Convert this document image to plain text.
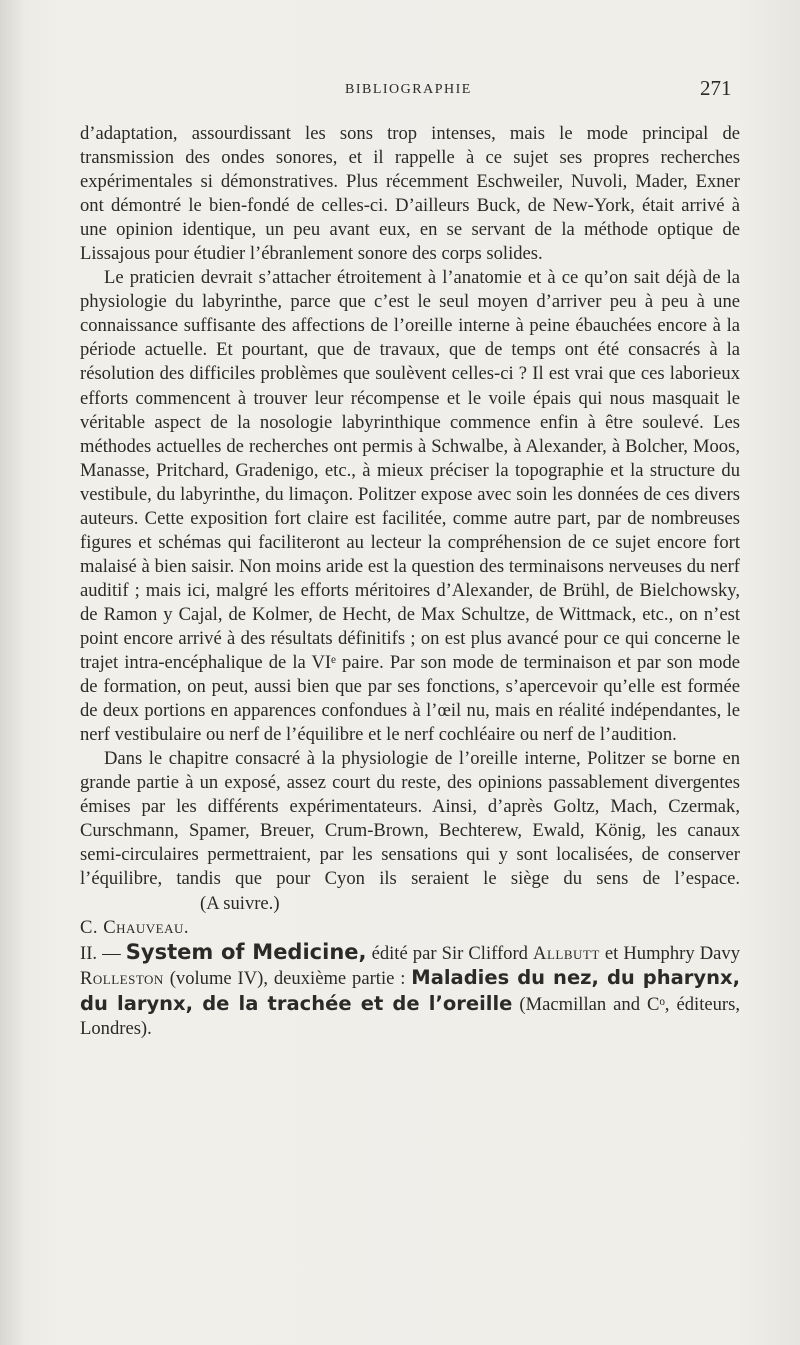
BIBLIOGRAPHIE	271

d’adaptation, assourdissant les sons trop intenses, mais le mode principal de transmission des ondes sonores, et il rappelle à ce sujet ses propres recherches expérimentales si démonstratives. Plus récemment Eschweiler, Nuvoli, Mader, Exner ont démontré le bien-fondé de celles-ci. D’ailleurs Buck, de New-York, était arrivé à une opinion identique, un peu avant eux, en se servant de la méthode optique de Lissajous pour étudier l’ébranlement sonore des corps solides.

Le praticien devrait s’attacher étroitement à l’anatomie et à ce qu’on sait déjà de la physiologie du labyrinthe, parce que c’est le seul moyen d’arriver peu à peu à une connaissance suffisante des affections de l’oreille interne à peine ébauchées encore à la période actuelle. Et pourtant, que de travaux, que de temps ont été consacrés à la résolution des difficiles problèmes que soulèvent celles-ci ? Il est vrai que ces laborieux efforts commencent à trouver leur récompense et le voile épais qui nous masquait le véritable aspect de la nosologie labyrinthique commence enfin à être soulevé. Les méthodes actuelles de recherches ont permis à Schwalbe, à Alexander, à Bolcher, Moos, Manasse, Pritchard, Gradenigo, etc., à mieux préciser la topographie et la structure du vestibule, du labyrinthe, du limaçon. Politzer expose avec soin les données de ces divers auteurs. Cette exposition fort claire est facilitée, comme autre part, par de nombreuses figures et schémas qui faciliteront au lecteur la compréhension de ce sujet encore fort malaisé à bien saisir. Non moins aride est la question des terminaisons nerveuses du nerf auditif ; mais ici, malgré les efforts méritoires d’Alexander, de Brühl, de Bielchowsky, de Ramon y Cajal, de Kolmer, de Hecht, de Max Schultze, de Wittmack, etc., on n’est point encore arrivé à des résultats définitifs ; on est plus avancé pour ce qui concerne le trajet intra-encéphalique de la VIᵉ paire. Par son mode de terminaison et par son mode de formation, on peut, aussi bien que par ses fonctions, s’apercevoir qu’elle est formée de deux portions en apparences confondues à l’œil nu, mais en réalité indépendantes, le nerf vestibulaire ou nerf de l’équilibre et le nerf cochléaire ou nerf de l’audition.

Dans le chapitre consacré à la physiologie de l’oreille interne, Politzer se borne en grande partie à un exposé, assez court du reste, des opinions passablement divergentes émises par les différents expérimentateurs. Ainsi, d’après Goltz, Mach, Czermak, Curschmann, Spamer, Breuer, Crum-Brown, Bechterew, Ewald, König, les canaux semi-circulaires permettraient, par les sensations qui y sont localisées, de conserver l’équilibre, tandis que pour Cyon ils seraient le siège du sens de l’espace. (A suivre.)

C. Chauveau.

II. — System of Medicine, édité par Sir Clifford Allbutt et Humphry Davy Rolleston (volume IV), deuxième partie : Maladies du nez, du pharynx, du larynx, de la trachée et de l’oreille (Macmillan and Cᵒ, éditeurs, Londres).
